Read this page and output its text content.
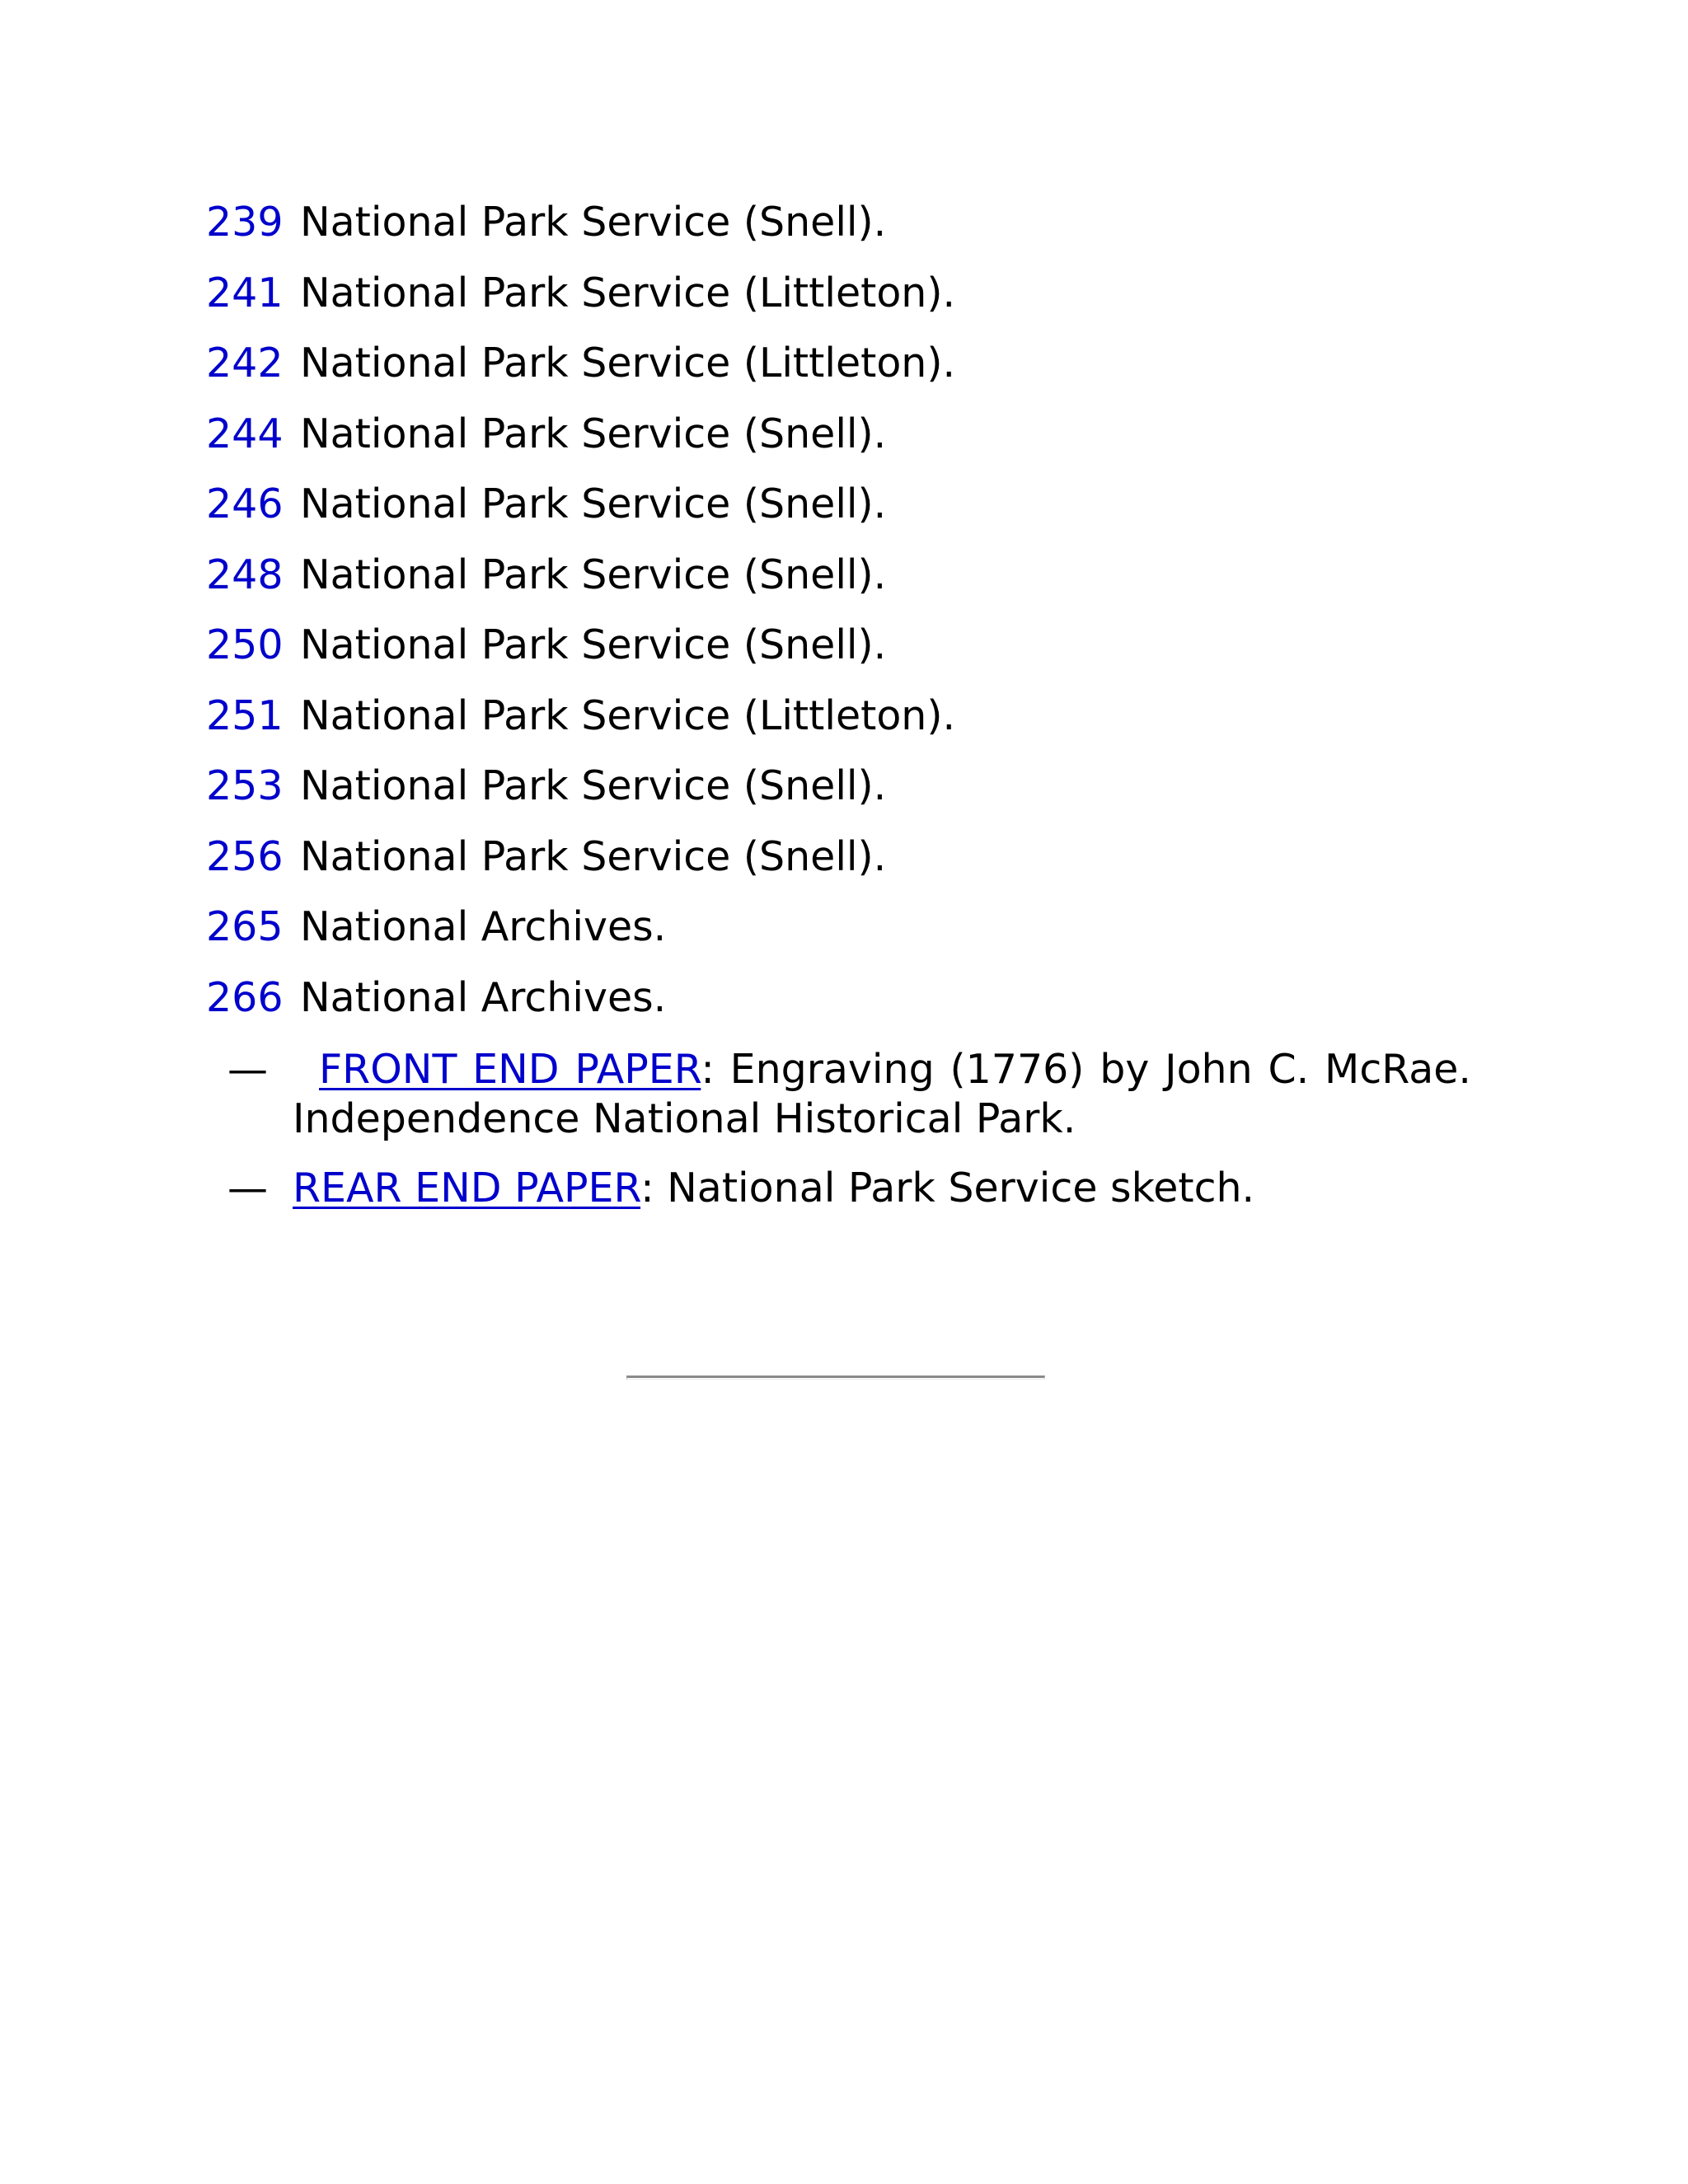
239 National Park Service (Snell).
241 National Park Service (Littleton).
242 National Park Service (Littleton).
244 National Park Service (Snell).
246 National Park Service (Snell).
248 National Park Service (Snell).
250 National Park Service (Snell).
251 National Park Service (Littleton).
253 National Park Service (Snell).
256 National Park Service (Snell).
265 National Archives.
266 National Archives.
—	FRONT END PAPER: Engraving (1776) by John C. McRae. Independence National Historical Park.
— REAR END PAPER: National Park Service sketch.
